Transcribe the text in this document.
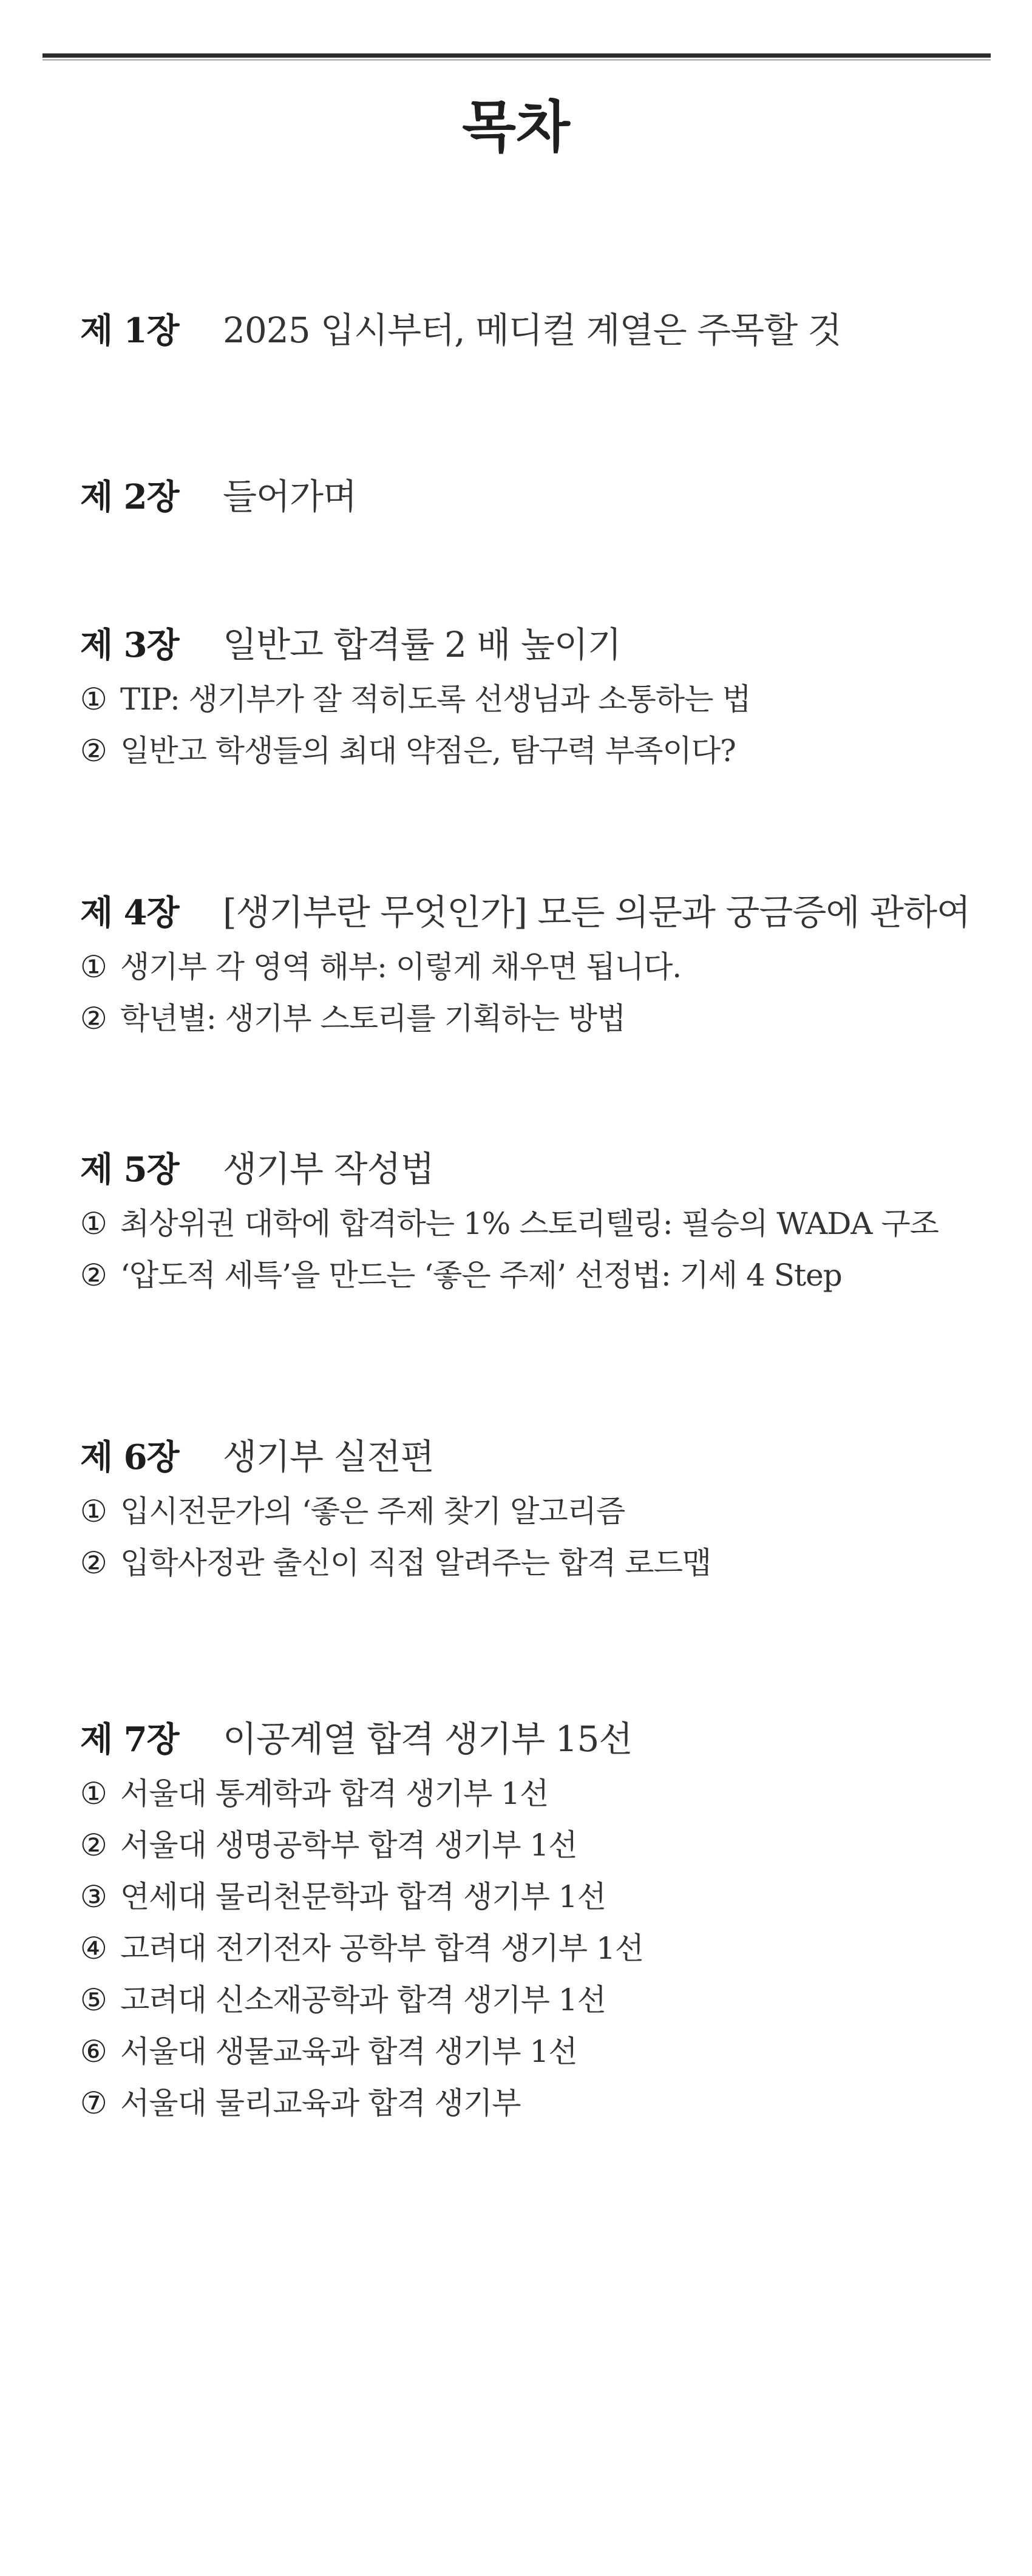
목차
제 1장	2025 입시부터, 메디컬 계열은 주목할 것
제 2장	들어가며
제 3장	일반고 합격률 2 배 높이기
① TIP: 생기부가 잘 적히도록 선생님과 소통하는 법
② 일반고 학생들의 최대 약점은, 탐구력 부족이다?
제 4장	[생기부란 무엇인가] 모든 의문과 궁금증에 관하여
① 생기부 각 영역 해부: 이렇게 채우면 됩니다.
② 학년별: 생기부 스토리를 기획하는 방법
제 5장	생기부 작성법
① 최상위권 대학에 합격하는 1% 스토리텔링: 필승의 WADA 구조
② ‘압도적 세특’을 만드는 ‘좋은 주제’ 선정법: 기세 4 Step
제 6장	생기부 실전편
① 입시전문가의 ‘좋은 주제 찾기 알고리즘
② 입학사정관 출신이 직접 알려주는 합격 로드맵
제 7장	이공계열 합격 생기부 15선
① 서울대 통계학과 합격 생기부 1선
② 서울대 생명공학부 합격 생기부 1선
③ 연세대 물리천문학과 합격 생기부 1선
④ 고려대 전기전자 공학부 합격 생기부 1선
⑤ 고려대 신소재공학과 합격 생기부 1선
⑥ 서울대 생물교육과 합격 생기부 1선
⑦ 서울대 물리교육과 합격 생기부
